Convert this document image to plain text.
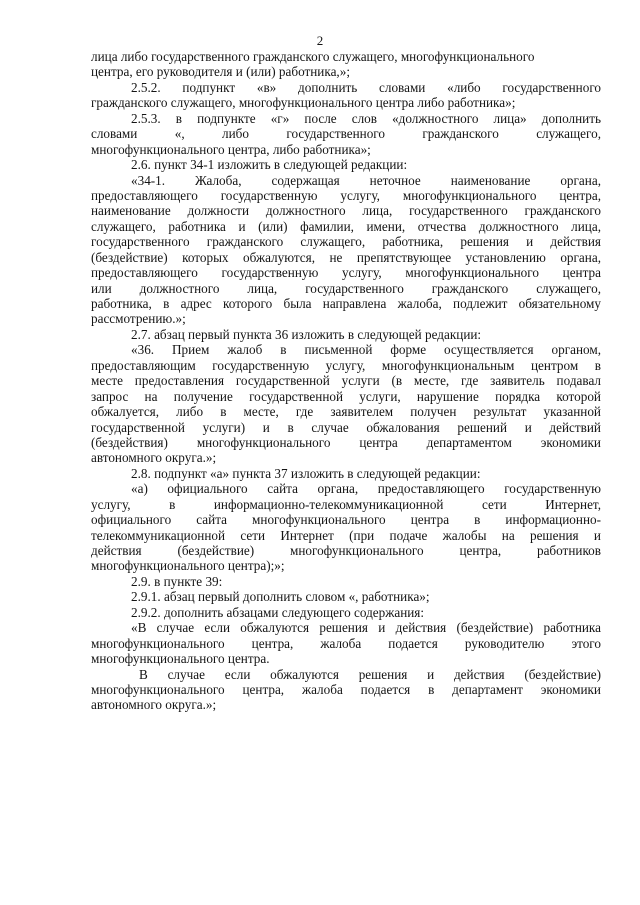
2
лица либо государственного гражданского служащего, многофункционального
центра, его руководителя и (или) работника,»;
2.5.2. подпункт «в» дополнить словами «либо государственного
гражданского служащего, многофункционального центра либо работника»;
2.5.3. в подпункте «г» после слов «должностного лица» дополнить
словами «, либо государственного гражданского служащего,
многофункционального центра, либо работника»;
2.6. пункт 34-1 изложить в следующей редакции:
«34-1. Жалоба, содержащая неточное наименование органа,
предоставляющего государственную услугу, многофункционального центра,
наименование должности должностного лица, государственного гражданского
служащего, работника и (или) фамилии, имени, отчества должностного лица,
государственного гражданского служащего, работника, решения и действия
(бездействие) которых обжалуются, не препятствующее установлению органа,
предоставляющего государственную услугу, многофункционального центра
или должностного лица, государственного гражданского служащего,
работника, в адрес которого была направлена жалоба, подлежит обязательному
рассмотрению.»;
2.7. абзац первый пункта 36 изложить в следующей редакции:
«36. Прием жалоб в письменной форме осуществляется органом,
предоставляющим государственную услугу, многофункциональным центром в
месте предоставления государственной услуги (в месте, где заявитель подавал
запрос на получение государственной услуги, нарушение порядка которой
обжалуется, либо в месте, где заявителем получен результат указанной
государственной услуги) и в случае обжалования решений и действий
(бездействия) многофункционального центра департаментом экономики
автономного округа.»;
2.8. подпункт «а» пункта 37 изложить в следующей редакции:
«а) официального сайта органа, предоставляющего государственную
услугу, в информационно-телекоммуникационной сети Интернет,
официального сайта многофункционального центра в информационно-
телекоммуникационной сети Интернет (при подаче жалобы на решения и
действия (бездействие) многофункционального центра, работников
многофункционального центра);»;
2.9. в пункте 39:
2.9.1. абзац первый дополнить словом «, работника»;
2.9.2. дополнить абзацами следующего содержания:
«В случае если обжалуются решения и действия (бездействие) работника
многофункционального центра, жалоба подается руководителю этого
многофункционального центра.
В случае если обжалуются решения и действия (бездействие)
многофункционального центра, жалоба подается в департамент экономики
автономного округа.»;
